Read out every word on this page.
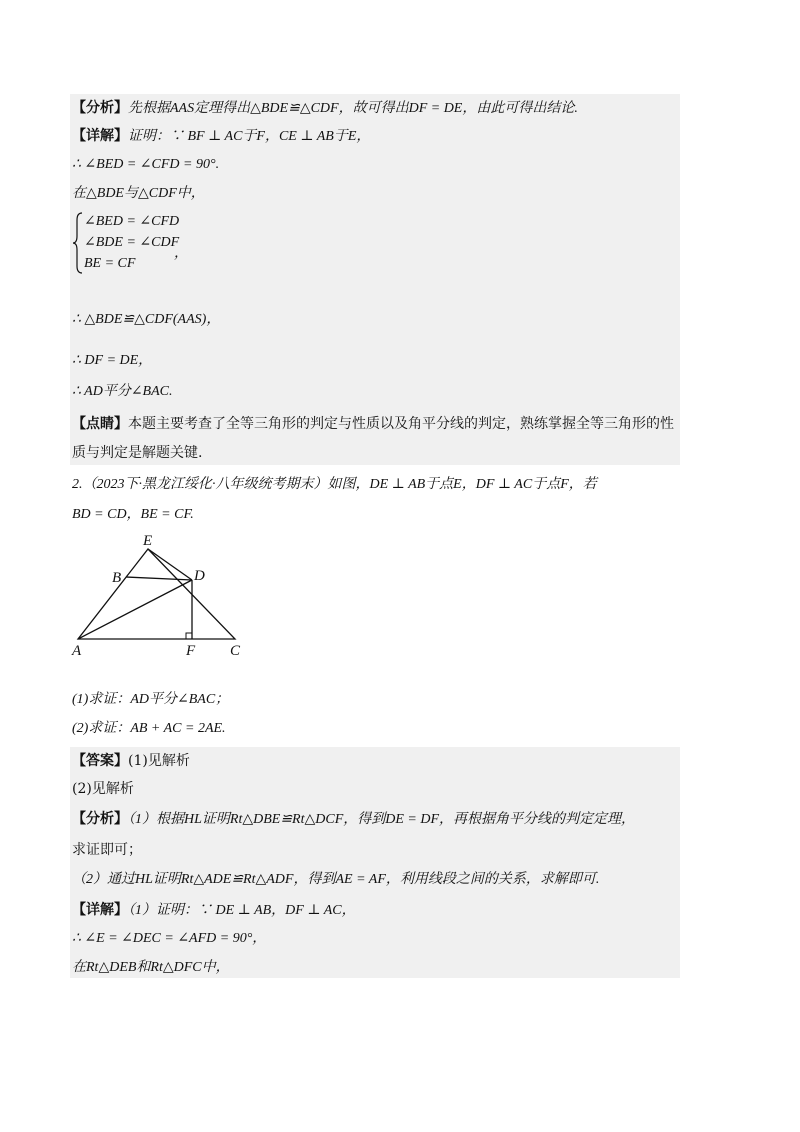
【分析】先根据AAS定理得出△BDE≌△CDF，故可得出DF = DE，由此可得出结论.
【详解】证明：∵ BF ⊥ AC于F，CE ⊥ AB于E，
∴ ∠BED = ∠CFD = 90°.
在△BDE与△CDF中，
∠BED = ∠CFD
∠BDE = ∠CDF
BE = CF
，
∴ △BDE≌△CDF(AAS)，
∴ DF = DE，
∴ AD平分∠BAC.
【点睛】本题主要考查了全等三角形的判定与性质以及角平分线的判定，熟练掌握全等三角形的性
质与判定是解题关键.
2.（2023下·黑龙江绥化·八年级统考期末）如图，DE ⊥ AB于点E，DF ⊥ AC于点F，若
BD = CD，BE = CF.
E
B	D
A	F C
(1)求证：AD平分∠BAC；
(2)求证：AB + AC = 2AE.
【答案】(1)见解析
(2)见解析
【分析】（1）根据HL证明Rt△DBE≌Rt△DCF，得到DE = DF，再根据角平分线的判定定理，
求证即可；
（2）通过HL证明Rt△ADE≌Rt△ADF，得到AE = AF，利用线段之间的关系，求解即可.
【详解】（1）证明：∵ DE ⊥ AB，DF ⊥ AC，
∴ ∠E = ∠DEC = ∠AFD = 90°，
在Rt△DEB和Rt△DFC中，
